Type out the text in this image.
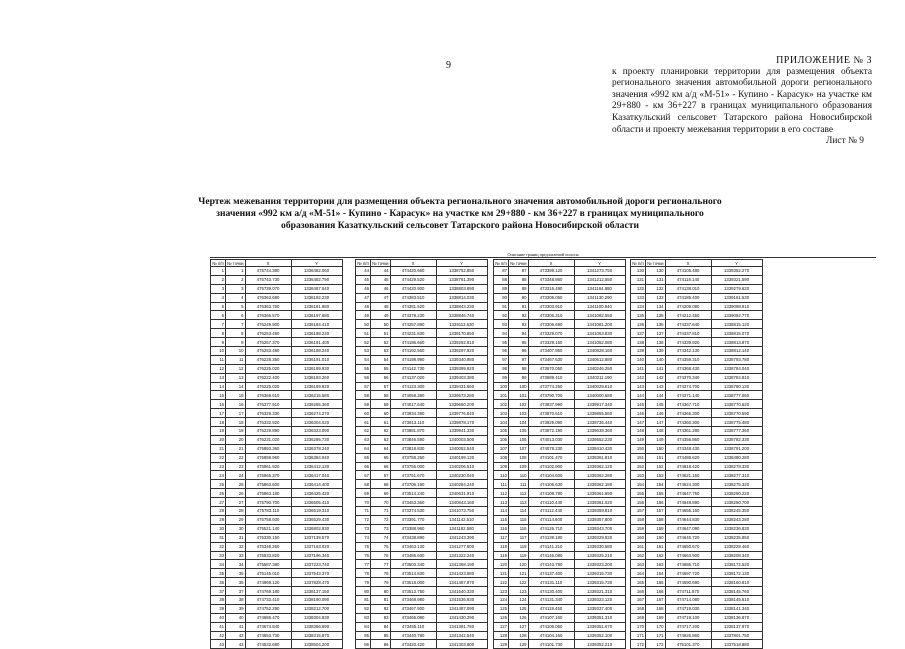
9	ПРИЛОЖЕНИЕ № 3
к проекту планировки территории для размещения объекта регионального значения автомобильной дороги регионального значения «992 км а/д «М-51» - Купино - Карасук» на участке км 29+880 - км 36+227 в границах муниципального образования Казаткульский сельсовет Татарского района Новосибирской области и проекту межевания территории в его составе
Лист № 9
Чертеж межевания территории для размещения объекта регионального значения автомобильной дороги регионального значения «992 км а/д «М-51» - Купино - Карасук» на участке км 29+880 - км 36+227 в границах муниципального образования Казаткульский сельсовет Татарского района Новосибирской области
Описание границ предлагаемой полосы
№ п/п	№ точки	X	Y
1	1	475744.380	1336482.060
2	2	475743.730	1336482.790
3	3	475739.070	1336487.540
4	4	476363.680	1336182.230
5	5	476363.760	1336181.980
6	6	476365.570	1336197.680
7	7	476249.900	1336184.410
8	8	476253.490	1336188.230
9	9	476257.370	1336191.400
10	10	476253.490	1336188.240
11	11	476228.350	1336191.010
12	12	476225.020	1336189.930
13	13	476222.400	1336183.260
14	14	476225.020	1336189.920
15	15	476369.610	1336215.580
16	16	476377.910	1336265.360
17	17	476329.330	1336274.270
18	18	476332.920	1336304.020
19	19	476229.890	1336323.090
20	20	476231.020	1336295.730
21	21	475993.360	1336378.240
22	22	475959.960	1336384.940
23	23	475961.920	1336412.130
24	24	475965.370	1336417.040
25	25	475863.600	1336414.400
26	26	475863.180	1336425.420
27	27	475790.700	1336505.410
28	28	475783.110	1336519.310
29	29	475758.930	1336529.430
30	30	475521.140	1336802.930
31	31	475330.150	1337139.570
32	32	475348.260	1337163.020
33	33	475533.820	1337196.340
34	34	475587.380	1337223.740
35	35	475145.010	1337543.370
36	36	474969.120	1337828.470
37	37	474769.180	1338137.150
38	38	474733.410	1338190.090
39	39	474752.290	1338212.700
40	40	474686.470	1338304.830
41	41	474674.840	1338356.690
42	42	474653.730	1338315.870
43	43	474532.680	1338504.200
№ п/п	№ точки	X	Y
44	44	474420.660	1338752.850
45	45	474429.520	1338761.390
46	46	474420.900	1338803.890
47	47	474383.510	1338814.030
48	48	474381.520	1338843.230
49	49	474378.230	1338846.740
50	50	474257.890	1339113.630
51	51	474231.830	1339170.850
52	52	474186.660	1339292.610
53	53	474192.560	1339297.920
54	54	474198.990	1339340.980
55	55	474142.730	1339399.920
56	56	474137.020	1339403.380
57	57	474123.300	1339431.660
58	58	474058.380	1339573.280
59	59	474017.640	1339660.200
60	60	473934.380	1339776.840
61	61	473913.110	1339878.170
62	62	473881.870	1339941.330
63	63	473846.590	1340003.500
64	64	473818.830	1340052.540
65	65	473758.250	1340199.130
66	66	473756.000	1340206.510
67	67	473751.670	1340230.040
68	68	473706.190	1340284.240
69	69	473514.240	1340631.910
70	70	473453.360	1340843.160
71	71	473374.530	1341073.750
72	72	473391.770	1341142.510
73	73	473388.960	1341182.580
74	74	473438.890	1341243.390
75	75	473463.130	1341277.600
76	76	473486.600	1341322.240
77	77	473503.340	1341368.190
78	78	473514.830	1341423.980
79	79	473518.000	1341487.870
80	80	473513.750	1341540.330
81	81	473468.980	1341536.930
82	82	473467.900	1341487.090
83	83	473465.080	1341430.290
84	84	473455.110	1341381.780
85	85	473440.780	1341342.540
86	86	473420.420	1341303.800
№ п/п	№ точки	X	Y
87	87	473399.120	1341273.750
88	88	473348.860	1341212.550
89	89	473316.490	1341164.880
90	90	473305.050	1341130.290
91	91	473303.910	1341100.840
92	92	473306.310	1341082.550
93	93	473306.690	1341081.200
94	94	473329.070	1341053.830
95	95	473329.150	1341052.080
96	96	473407.850	1340828.160
97	97	473467.630	1340612.880
98	98	473670.050	1340246.250
99	99	473689.410	1340211.190
100	100	473774.250	1340029.610
101	101	473790.700	1340000.680
102	102	473837.990	1339917.340
103	103	473870.510	1339855.560
104	104	473929.090	1339735.440
105	105	473972.190	1339639.360
106	106	474013.030	1339552.230
107	107	474078.230	1339410.430
108	108	474101.470	1339361.810
109	109	474102.900	1339362.120
110	110	474104.600	1339362.280
111	111	474106.630	1339362.180
112	112	474108.780	1339361.690
113	113	474110.440	1339361.020
114	114	474112.440	1339359.810
115	115	474114.600	1339357.800
116	116	474126.710	1339343.700
117	117	474139.180	1339329.920
118	118	474141.210	1339330.680
119	119	474146.080	1339325.210
120	120	474143.780	1339323.200
121	121	474137.400	1339315.730
122	122	474131.110	1339315.730
123	123	474130.400	1339321.310
124	124	474131.340	1339323.120
125	125	474119.450	1339337.400
126	126	474107.160	1339351.310
127	127	474106.060	1339351.670
128	128	474104.160	1339352.100
129	129	474101.730	1339352.210
№ п/п	№ точки	X	Y
130	130	474105.480	1339352.270
131	131	474118.140	1339321.590
132	132	474138.010	1339279.620
133	133	474185.400	1339161.530
134	134	474209.080	1339098.910
135	135	474212.450	1339092.770
136	136	474337.640	1338815.120
137	137	474337.810	1338815.070
138	138	474339.920	1338813.870
139	139	474342.130	1338812.140
140	140	474359.310	1338793.780
141	141	474368.430	1338784.040
142	142	474370.340	1338784.810
143	143	474374.700	1338780.130
144	144	474371.140	1338777.060
145	145	474367.710	1338770.620
146	146	474365.300	1338770.590
147	147	474360.300	1338775.480
148	148	474361.280	1338777.360
149	149	474356.860	1338782.330
150	150	474348.430	1338791.200
151	151	474488.620	1338480.280
152	152	474618.420	1338278.330
153	153	474621.150	1338277.310
154	154	474624.300	1338275.320
155	155	474647.750	1338250.220
156	156	474649.890	1338250.700
157	157	474655.150	1338245.350
158	158	474644.830	1338243.280
159	159	474647.090	1338236.830
160	160	474645.720	1338235.850
161	161	474650.670	1338228.460
162	162	474663.900	1338208.340
163	163	474686.710	1338172.520
164	164	474697.720	1338172.130
165	165	474690.690	1338160.810
166	166	474711.870	1338145.760
167	167	474714.080	1338145.610
168	168	474719.030	1338141.340
169	169	474719.100	1338136.870
170	170	474717.200	1338137.970
171	171	474926.860	1337801.750
172	172	475101.370	1337518.880
